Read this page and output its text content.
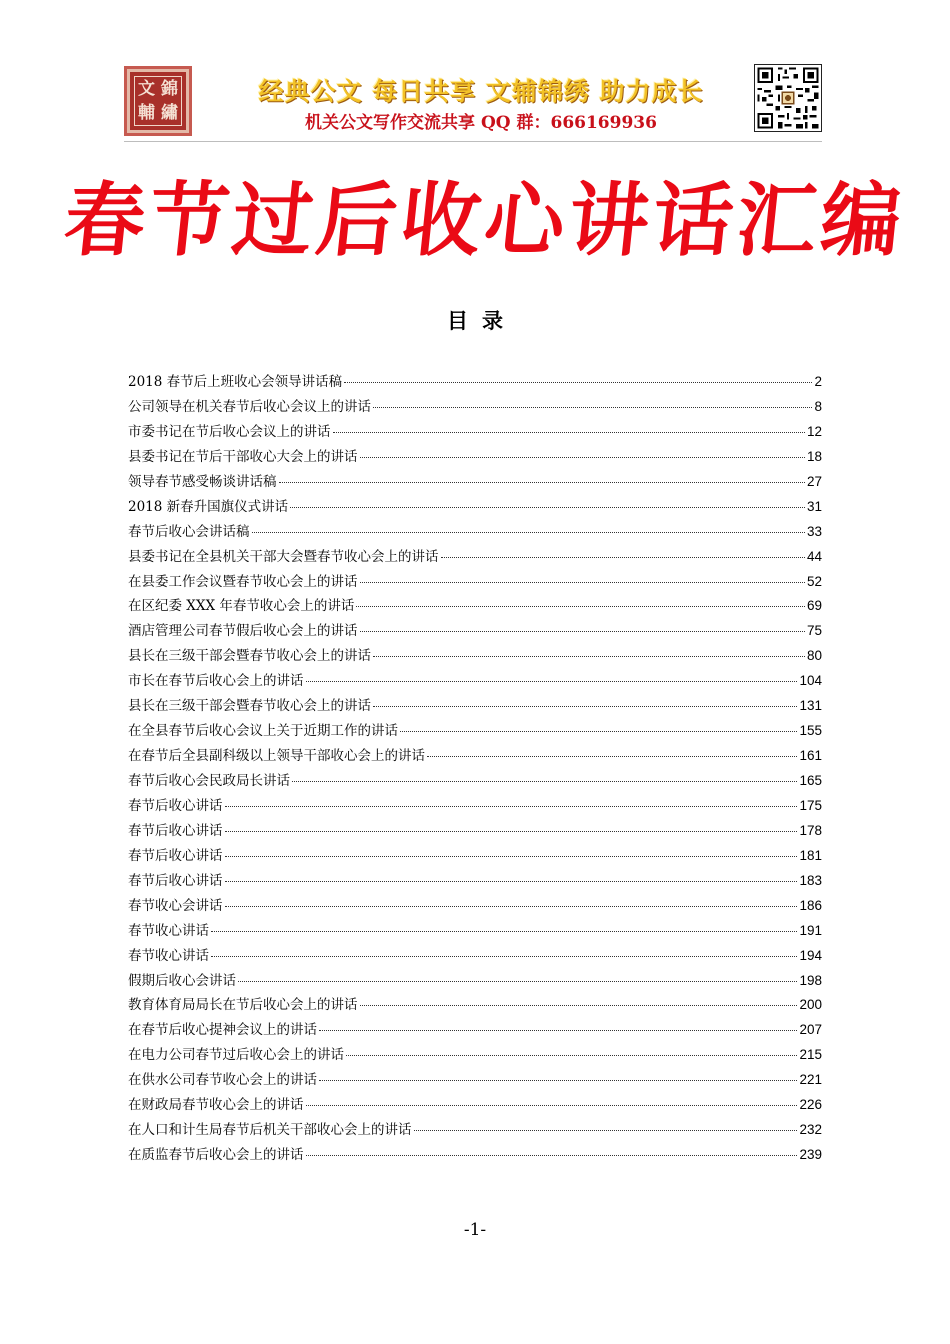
文 錦
輔 繡
经典公文 每日共享 文辅锦绣 助力成长
机关公文写作交流共享 QQ 群：666169936
春节过后收心讲话汇编
目录
2018 春节后上班收心会领导讲话稿	2
公司领导在机关春节后收心会议上的讲话	8
市委书记在节后收心会议上的讲话	12
县委书记在节后干部收心大会上的讲话	18
领导春节感受畅谈讲话稿	27
2018 新春升国旗仪式讲话	31
春节后收心会讲话稿	33
县委书记在全县机关干部大会暨春节收心会上的讲话	44
在县委工作会议暨春节收心会上的讲话	52
在区纪委 XXX 年春节收心会上的讲话	69
酒店管理公司春节假后收心会上的讲话	75
县长在三级干部会暨春节收心会上的讲话	80
市长在春节后收心会上的讲话	104
县长在三级干部会暨春节收心会上的讲话	131
在全县春节后收心会议上关于近期工作的讲话	155
在春节后全县副科级以上领导干部收心会上的讲话	161
春节后收心会民政局长讲话	165
春节后收心讲话	175
春节后收心讲话	178
春节后收心讲话	181
春节后收心讲话	183
春节收心会讲话	186
春节收心讲话	191
春节收心讲话	194
假期后收心会讲话	198
教育体育局局长在节后收心会上的讲话	200
在春节后收心提神会议上的讲话	207
在电力公司春节过后收心会上的讲话	215
在供水公司春节收心会上的讲话	221
在财政局春节收心会上的讲话	226
在人口和计生局春节后机关干部收心会上的讲话	232
在质监春节后收心会上的讲话	239
-1-
